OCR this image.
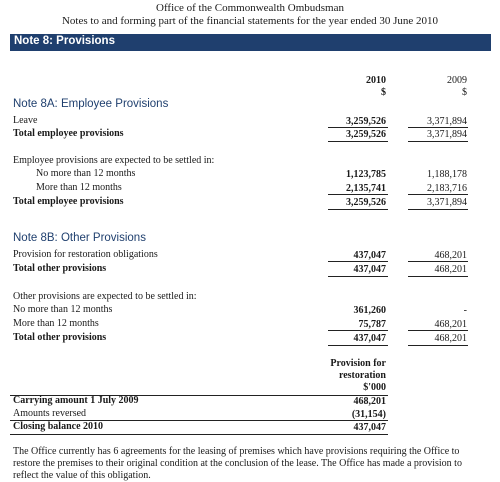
Office of the Commonwealth Ombudsman
Notes to and forming part of the financial statements for the year ended 30 June 2010
Note 8: Provisions
2010
$
2009
$
Note 8A: Employee Provisions
Leave	3,259,526	3,371,894
Total employee provisions	3,259,526	3,371,894
Employee provisions are expected to be settled in:
No more than 12 months	1,123,785	1,188,178
More than 12 months	2,135,741	2,183,716
Total employee provisions	3,259,526	3,371,894
Note 8B: Other Provisions
Provision for restoration obligations	437,047	468,201
Total other provisions	437,047	468,201
Other provisions are expected to be settled in:
No more than 12 months	361,260	-
More than 12 months	75,787	468,201
Total other provisions	437,047	468,201
Provision for
restoration
$'000
Carrying amount 1 July 2009	468,201
Amounts reversed	(31,154)
Closing balance 2010	437,047
The Office currently has 6 agreements for the leasing of premises which have provisions requiring the Office to restore the premises to their original condition at the conclusion of the lease. The Office has made a provision to reflect the value of this obligation.
